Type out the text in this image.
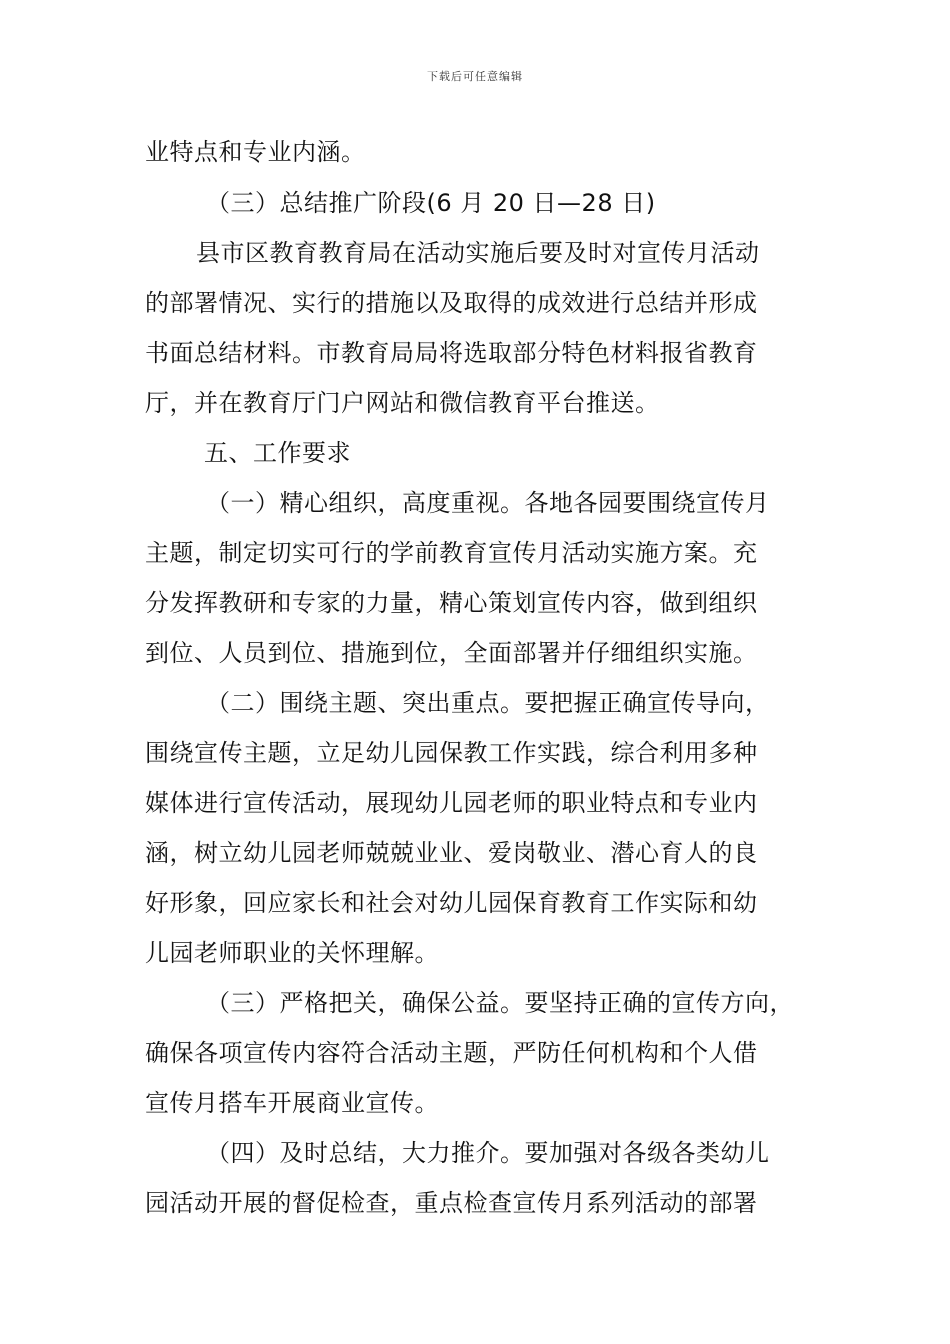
下载后可任意编辑
业特点和专业内涵。
（三）总结推广阶段(6 月 20 日—28 日)
县市区教育教育局在活动实施后要及时对宣传月活动
的部署情况、实行的措施以及取得的成效进行总结并形成
书面总结材料。市教育局局将选取部分特色材料报省教育
厅，并在教育厅门户网站和微信教育平台推送。
五、工作要求
（一）精心组织，高度重视。各地各园要围绕宣传月
主题，制定切实可行的学前教育宣传月活动实施方案。充
分发挥教研和专家的力量，精心策划宣传内容，做到组织
到位、人员到位、措施到位，全面部署并仔细组织实施。
（二）围绕主题、突出重点。要把握正确宣传导向，
围绕宣传主题，立足幼儿园保教工作实践，综合利用多种
媒体进行宣传活动，展现幼儿园老师的职业特点和专业内
涵，树立幼儿园老师兢兢业业、爱岗敬业、潜心育人的良
好形象，回应家长和社会对幼儿园保育教育工作实际和幼
儿园老师职业的关怀理解。
（三）严格把关，确保公益。要坚持正确的宣传方向，
确保各项宣传内容符合活动主题，严防任何机构和个人借
宣传月搭车开展商业宣传。
（四）及时总结，大力推介。要加强对各级各类幼儿
园活动开展的督促检查，重点检查宣传月系列活动的部署
